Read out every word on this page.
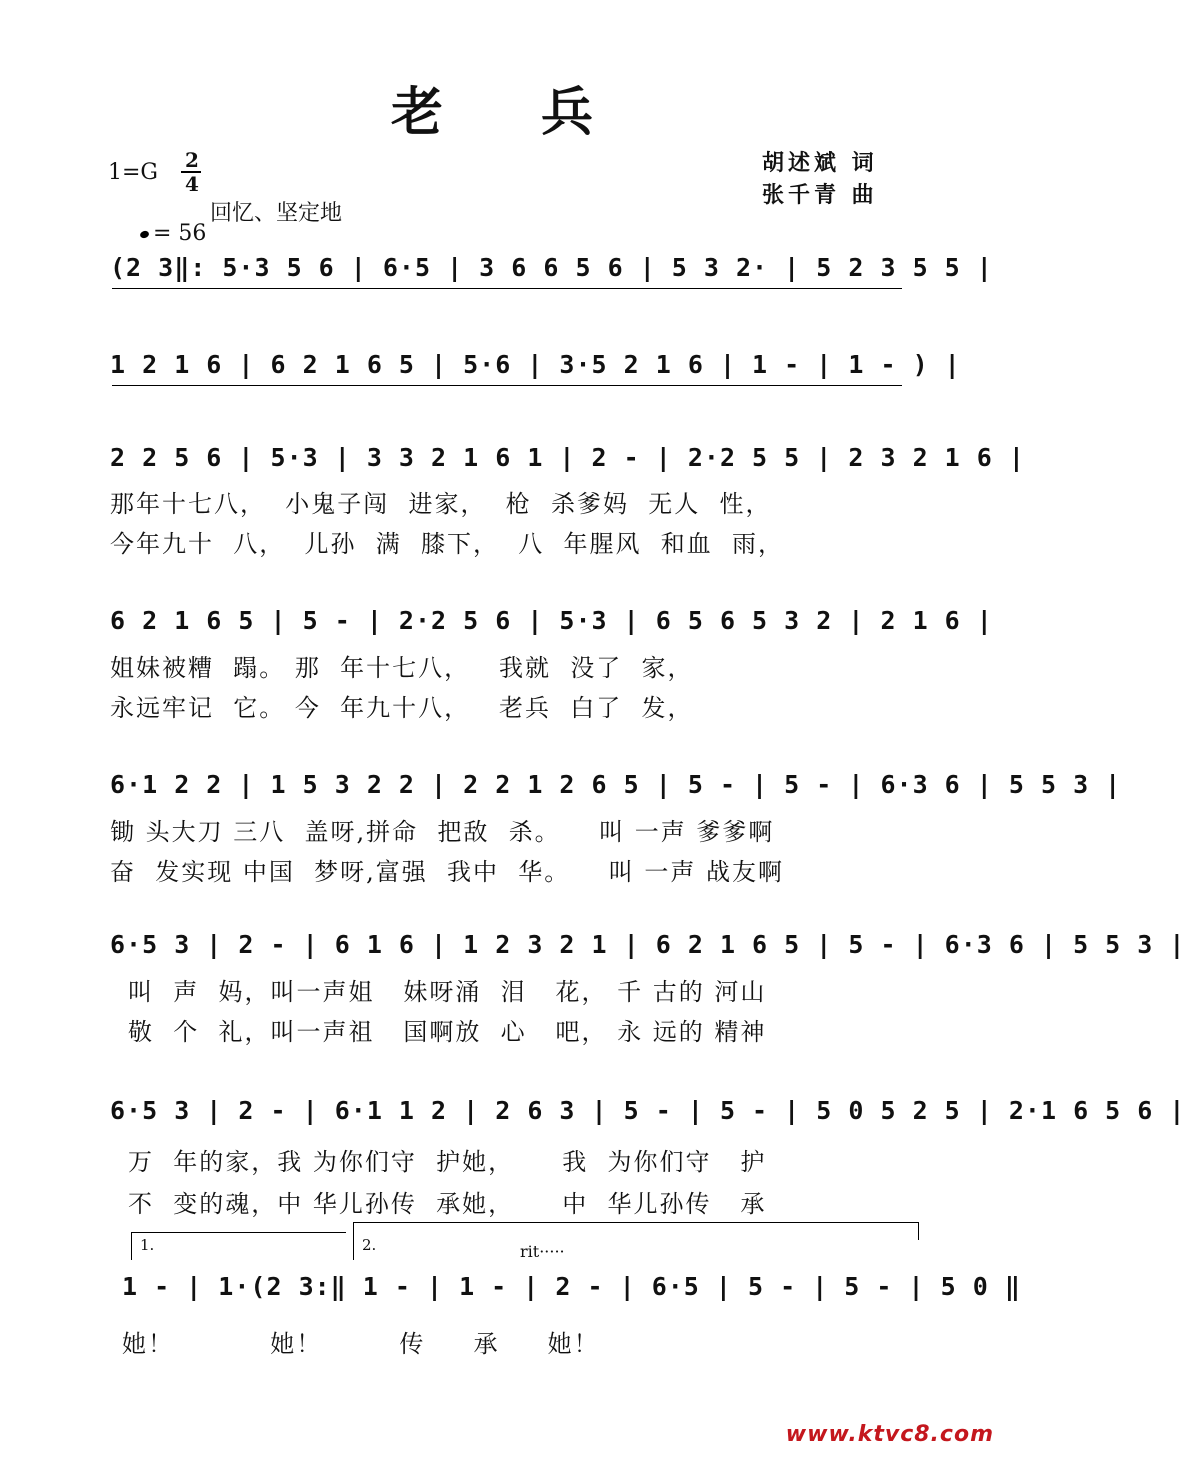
老 兵
1=G 2
4

= 56

回忆、坚定地
胡述斌 词
张千青 曲
(2 3‖: 5·3 5 6 | 6·5 | 3 6 6 5 6 | 5 3 2· | 5 2 3 5 5 |
1 2 1 6 | 6 2 1 6 5 | 5·6 | 3·5 2 1 6 | 1 - | 1 - ) |
2 2 5 6 | 5·3 | 3 3 2 1 6 1 | 2 - | 2·2 5 5 | 2 3 2 1 6 |
那年十七八，  小鬼子闯  进家，  枪  杀爹妈  无人  性，
今年九十  八，  儿孙  满  膝下，  八  年腥风  和血  雨，
6 2 1 6 5 | 5 - | 2·2 5 6 | 5·3 | 6 5 6 5 3 2 | 2 1 6 |
姐妹被糟  蹋。 那  年十七八，   我就  没了  家，
永远牢记  它。 今  年九十八，   老兵  白了  发，
6·1 2 2 | 1 5 3 2 2 | 2 2 1 2 6 5 | 5 - | 5 - | 6·3 6 | 5 5 3 |
锄 头大刀 三八  盖呀,拼命  把敌  杀。    叫 一声 爹爹啊
奋  发实现 中国  梦呀,富强  我中  华。    叫 一声 战友啊
6·5 3 | 2 - | 6 1 6 | 1 2 3 2 1 | 6 2 1 6 5 | 5 - | 6·3 6 | 5 5 3 |
叫  声  妈，叫一声姐   妹呀涌  泪   花， 千 古的 河山
敬  个  礼，叫一声祖   国啊放  心   吧， 永 远的 精神
6·5 3 | 2 - | 6·1 1 2 | 2 6 3 | 5 - | 5 - | 5 0 5 2 5 | 2·1 6 5 6 |
万  年的家，我 为你们守  护她，     我  为你们守   护
不  变的魂，中 华儿孙传  承她，     中  华儿孙传   承
1.	2.	rit·····
1 - | 1·(2 3:‖ 1 - | 1 - | 2 - | 6·5 | 5 - | 5 - | 5 0 ‖
她！          她！        传     承     她！
www.ktvc8.com
